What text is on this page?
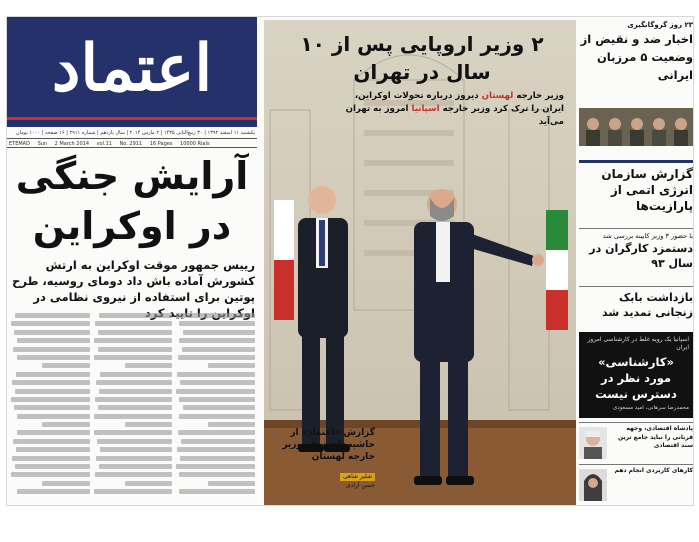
اعتماد
یکشنبه ۱۱ اسفند ۱۳۹۲ | ۳۰ ربیع‌الثانی ۱۴۳۵ | ۲ مارس ۲۰۱۴ | سال یازدهم | شماره ۲۹۱۱ | ۱۶ صفحه | ۱۰۰۰ تومان
ETEMAD Sun 2 March 2014 vol.11 No. 2911 16 Pages 10000 Rials
آرایش جنگی در اوکراین
رییس جمهور موقت اوکراین به ارتش کشورش آماده باش داد دومای روسیه، طرح پوتین برای استفاده از نیروی نظامی در
۲ وزیر اروپایی پس از ۱۰ سال در تهران
وزیر خارجه لهستان دیروز درباره تحولات اوکراین، ایران را ترک کرد وزیر خارجه اسپانیا امروز به تهران می‌آید
گزارش «اعتماد» از حاشیه‌های سفر وزیر خارجه لهستان
شلیر شاهی
حسن آزادی
۲۳ روز گروگانگیری
اخبار ضد و نقیض از وضعیت ۵ مرزبان ایرانی
گزارش سازمان انرژی اتمی از پارازیت‌ها
با حضور ۳ وزیر کابینه بررسی شد
دستمزد کارگران در سال ۹۳
بازداشت بابک زنجانی تمدید شد
اسپانیا یک رویه غلط در کارشناسی امروز ایران
«کارشناسی» مورد نظر در دسترس نیست
محمدرضا سرهانی، امید مسعودی
پادشاه اقتصادی، وجهه قربانی را نباید جامع ترین سند اقتصادی
کارهای کاربردی انجام دهم
